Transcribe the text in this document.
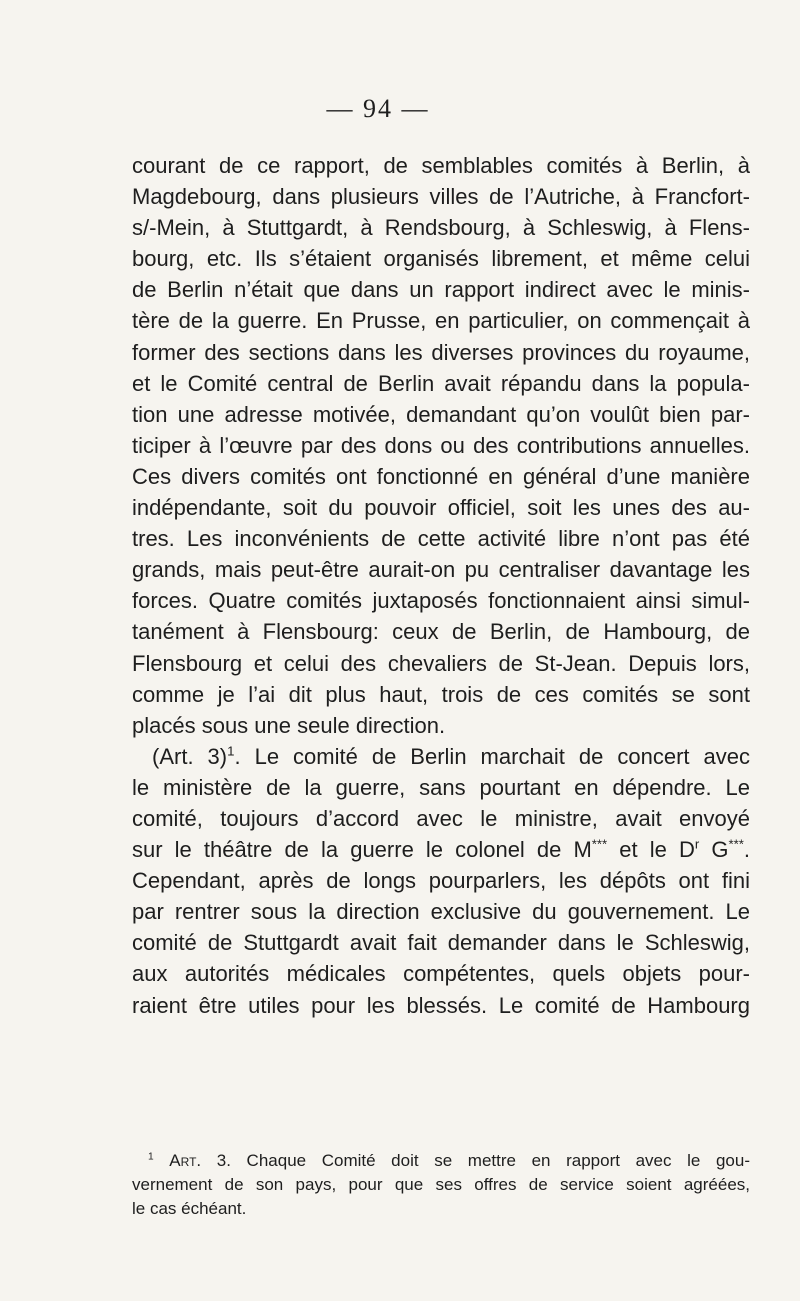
— 94 —
courant de ce rapport, de semblables comités à Berlin, à
Magdebourg, dans plusieurs villes de l’Autriche, à Francfort-
s/-Mein, à Stuttgardt, à Rendsbourg, à Schleswig, à Flens-
bourg, etc. Ils s’étaient organisés librement, et même celui
de Berlin n’était que dans un rapport indirect avec le minis-
tère de la guerre. En Prusse, en particulier, on commençait à
former des sections dans les diverses provinces du royaume,
et le Comité central de Berlin avait répandu dans la popula-
tion une adresse motivée, demandant qu’on voulût bien par-
ticiper à l’œuvre par des dons ou des contributions annuelles.
Ces divers comités ont fonctionné en général d’une manière
indépendante, soit du pouvoir officiel, soit les unes des au-
tres. Les inconvénients de cette activité libre n’ont pas été
grands, mais peut-être aurait-on pu centraliser davantage les
forces. Quatre comités juxtaposés fonctionnaient ainsi simul-
tanément à Flensbourg: ceux de Berlin, de Hambourg, de
Flensbourg et celui des chevaliers de St-Jean. Depuis lors,
comme je l’ai dit plus haut, trois de ces comités se sont
placés sous une seule direction.
(Art. 3)$^1$. Le comité de Berlin marchait de concert avec
le ministère de la guerre, sans pourtant en dépendre. Le
comité, toujours d’accord avec le ministre, avait envoyé
sur le théâtre de la guerre le colonel de M*** et le $D^r$ G***.
Cependant, après de longs pourparlers, les dépôts ont fini
par rentrer sous la direction exclusive du gouvernement. Le
comité de Stuttgardt avait fait demander dans le Schleswig,
aux autorités médicales compétentes, quels objets pour-
raient être utiles pour les blessés. Le comité de Hambourg
$^1$ Art. 3. Chaque Comité doit se mettre en rapport avec le gou-
vernement de son pays, pour que ses offres de service soient agréées,
le cas échéant.
